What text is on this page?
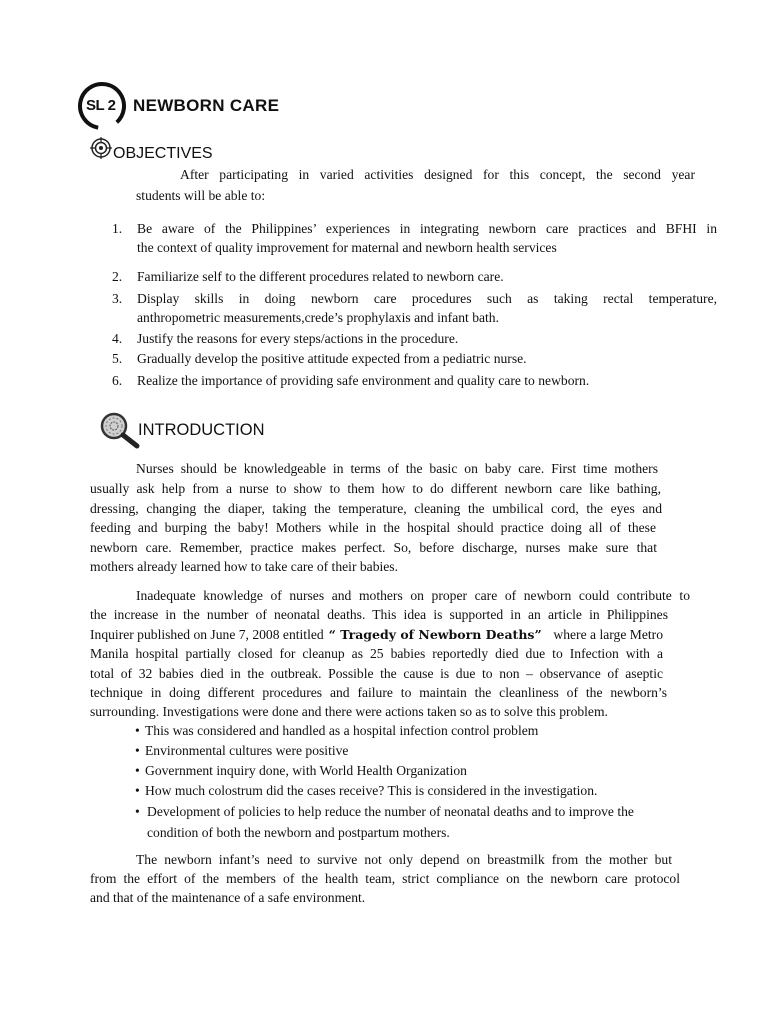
SL 2 NEWBORN CARE
OBJECTIVES
After participating in varied activities designed for this concept, the second year
students will be able to:
1. Be aware of the Philippines’ experiences in integrating newborn care practices and BFHI in
the context of quality improvement for maternal and newborn health services
2. Familiarize self to the different procedures related to newborn care.
3. Display skills in doing newborn care procedures such as taking rectal temperature,
anthropometric measurements,crede’s prophylaxis and infant bath.
4. Justify the reasons for every steps/actions in the procedure.
5. Gradually develop the positive attitude expected from a pediatric nurse.
6. Realize the importance of providing safe environment and quality care to newborn.
INTRODUCTION
Nurses should be knowledgeable in terms of the basic on baby care. First time mothers
usually ask help from a nurse to show to them how to do different newborn care like bathing,
dressing, changing the diaper, taking the temperature, cleaning the umbilical cord, the eyes and
feeding and burping the baby! Mothers while in the hospital should practice doing all of these
newborn care. Remember, practice makes perfect. So, before discharge, nurses make sure that
mothers already learned how to take care of their babies.
Inadequate knowledge of nurses and mothers on proper care of newborn could contribute to
the increase in the number of neonatal deaths. This idea is supported in an article in Philippines
Inquirer published on June 7, 2008 entitled “ Tragedy of Newborn Deaths” where a large Metro
Manila hospital partially closed for cleanup as 25 babies reportedly died due to Infection with a
total of 32 babies died in the outbreak. Possible the cause is due to non – observance of aseptic
technique in doing different procedures and failure to maintain the cleanliness of the newborn’s
surrounding. Investigations were done and there were actions taken so as to solve this problem.
• This was considered and handled as a hospital infection control problem
• Environmental cultures were positive
• Government inquiry done, with World Health Organization
• How much colostrum did the cases receive? This is considered in the investigation.
• Development of policies to help reduce the number of neonatal deaths and to improve the
condition of both the newborn and postpartum mothers.
The newborn infant’s need to survive not only depend on breastmilk from the mother but
from the effort of the members of the health team, strict compliance on the newborn care protocol
and that of the maintenance of a safe environment.
